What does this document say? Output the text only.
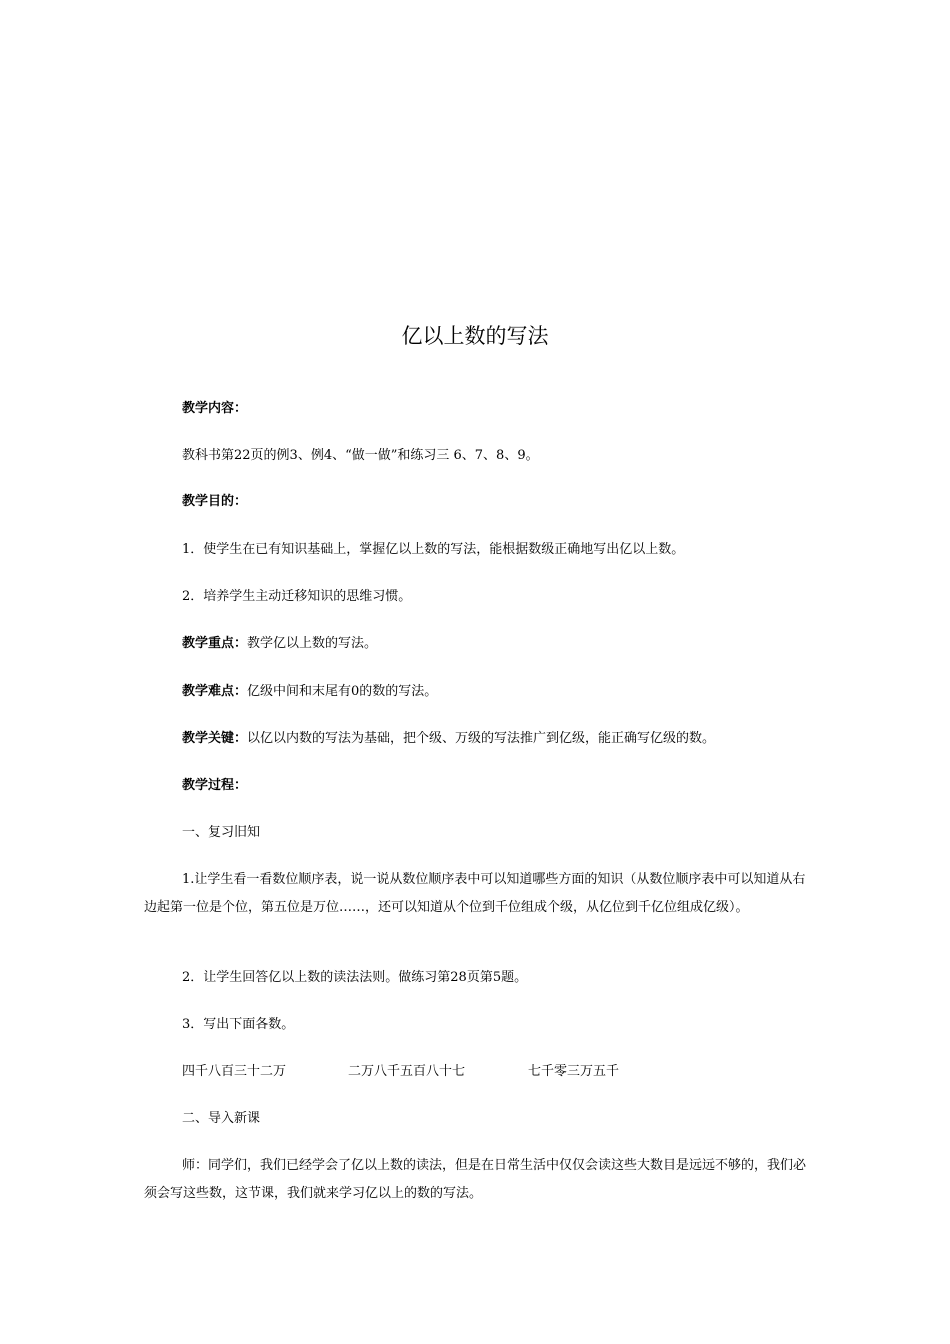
亿以上数的写法

教学内容：

教科书第22页的例3、例4、“做一做”和练习三 6、7、8、9。

教学目的：

1．使学生在已有知识基础上，掌握亿以上数的写法，能根据数级正确地写出亿以上数。

2．培养学生主动迁移知识的思维习惯。

教学重点：教学亿以上数的写法。

教学难点：亿级中间和末尾有0的数的写法。

教学关键：以亿以内数的写法为基础，把个级、万级的写法推广到亿级，能正确写亿级的数。

教学过程：

一、复习旧知

1.让学生看一看数位顺序表，说一说从数位顺序表中可以知道哪些方面的知识（从数位顺序表中可以知道从右边起第一位是个位，第五位是万位……，还可以知道从个位到千位组成个级，从亿位到千亿位组成亿级）。

2．让学生回答亿以上数的读法法则。做练习第28页第5题。

3．写出下面各数。

四千八百三十二万	二万八千五百八十七	七千零三万五千

二、导入新课

师：同学们，我们已经学会了亿以上数的读法，但是在日常生活中仅仅会读这些大数目是远远不够的，我们必须会写这些数，这节课，我们就来学习亿以上的数的写法。
